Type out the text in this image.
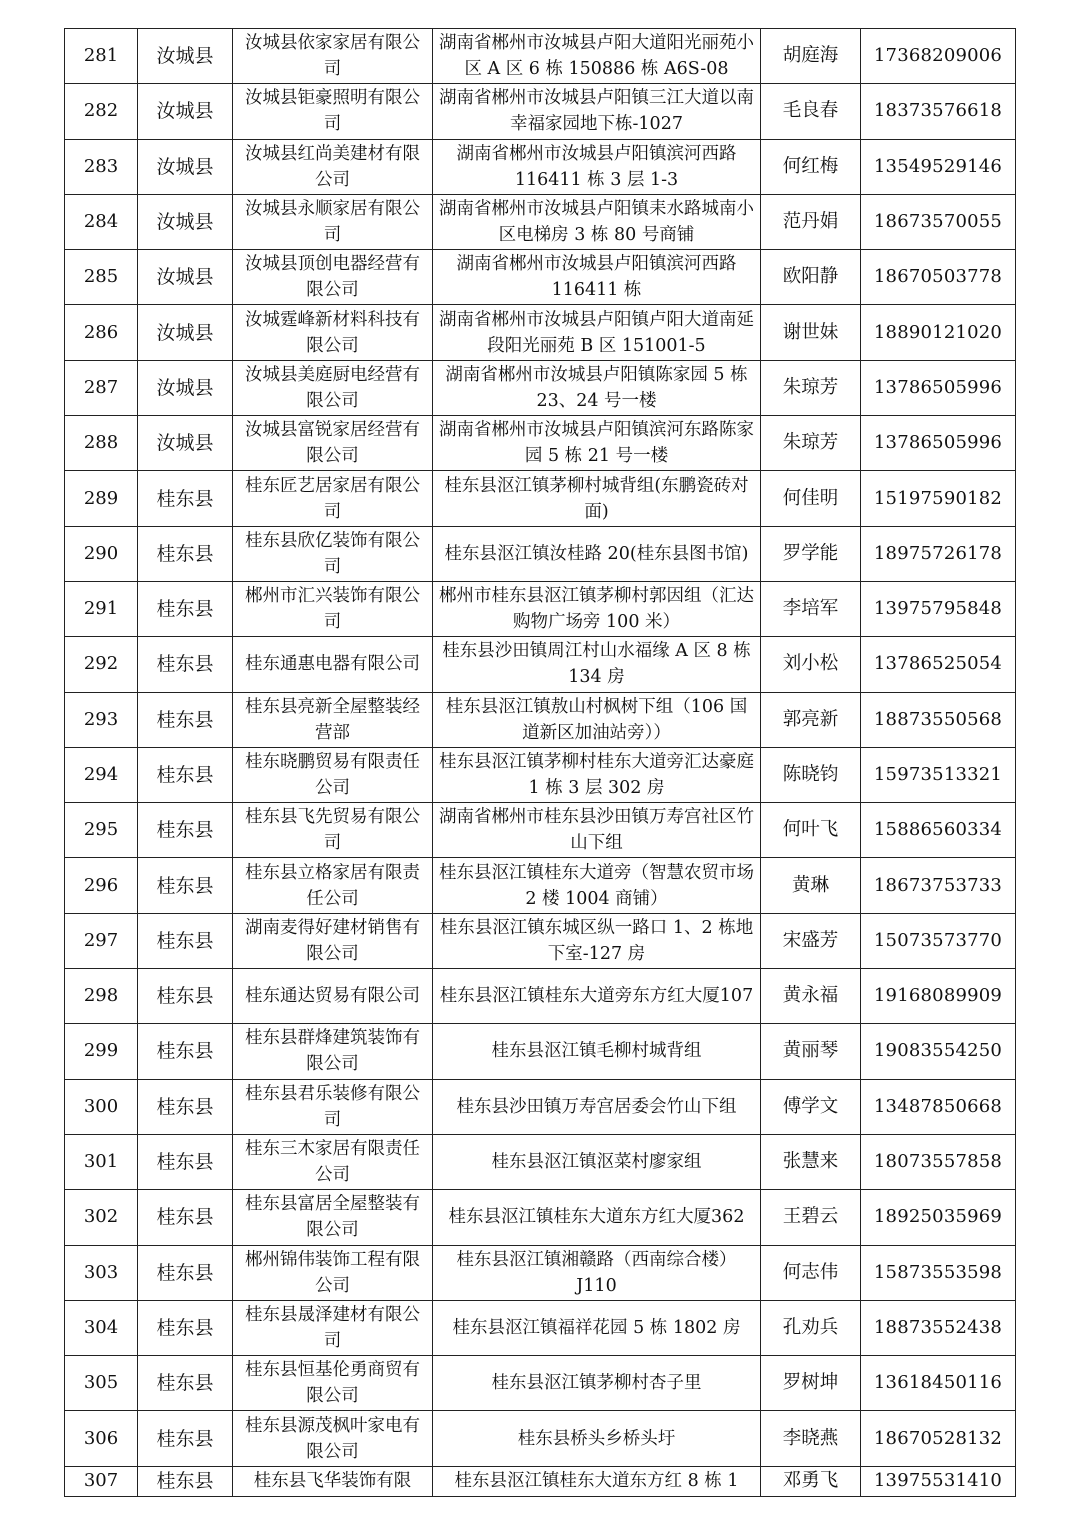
281	汝城县	汝城县依家家居有限公司	湖南省郴州市汝城县卢阳大道阳光丽苑小区 A 区 6 栋 150886 栋 A6S-08	胡庭海	17368209006
282	汝城县	汝城县钜豪照明有限公司	湖南省郴州市汝城县卢阳镇三江大道以南幸福家园地下栋-1027	毛良春	18373576618
283	汝城县	汝城县红尚美建材有限公司	湖南省郴州市汝城县卢阳镇滨河西路116411 栋 3 层 1-3	何红梅	13549529146
284	汝城县	汝城县永顺家居有限公司	湖南省郴州市汝城县卢阳镇耒水路城南小区电梯房 3 栋 80 号商铺	范丹娟	18673570055
285	汝城县	汝城县顶创电器经营有限公司	湖南省郴州市汝城县卢阳镇滨河西路116411 栋	欧阳静	18670503778
286	汝城县	汝城霆峰新材料科技有限公司	湖南省郴州市汝城县卢阳镇卢阳大道南延段阳光丽苑 B 区 151001-5	谢世妹	18890121020
287	汝城县	汝城县美庭厨电经营有限公司	湖南省郴州市汝城县卢阳镇陈家园 5 栋 23、24 号一楼	朱琼芳	13786505996
288	汝城县	汝城县富锐家居经营有限公司	湖南省郴州市汝城县卢阳镇滨河东路陈家园 5 栋 21 号一楼	朱琼芳	13786505996
289	桂东县	桂东匠艺居家居有限公司	桂东县沤江镇茅柳村城背组(东鹏瓷砖对面)	何佳明	15197590182
290	桂东县	桂东县欣亿装饰有限公司	桂东县沤江镇汝桂路 20(桂东县图书馆)	罗学能	18975726178
291	桂东县	郴州市汇兴装饰有限公司	郴州市桂东县沤江镇茅柳村郭因组（汇达购物广场旁 100 米）	李培军	13975795848
292	桂东县	桂东通惠电器有限公司	桂东县沙田镇周江村山水福缘 A 区 8 栋 134 房	刘小松	13786525054
293	桂东县	桂东县亮新全屋整装经营部	桂东县沤江镇敖山村枫树下组（106 国道新区加油站旁））	郭亮新	18873550568
294	桂东县	桂东晓鹏贸易有限责任公司	桂东县沤江镇茅柳村桂东大道旁汇达豪庭 1 栋 3 层 302 房	陈晓钧	15973513321
295	桂东县	桂东县飞先贸易有限公司	湖南省郴州市桂东县沙田镇万寿宫社区竹山下组	何叶飞	15886560334
296	桂东县	桂东县立格家居有限责任公司	桂东县沤江镇桂东大道旁（智慧农贸市场 2 楼 1004 商铺）	黄琳	18673753733
297	桂东县	湖南麦得好建材销售有限公司	桂东县沤江镇东城区纵一路口 1、2 栋地下室-127 房	宋盛芳	15073573770
298	桂东县	桂东通达贸易有限公司	桂东县沤江镇桂东大道旁东方红大厦107	黄永福	19168089909
299	桂东县	桂东县群烽建筑装饰有限公司	桂东县沤江镇毛柳村城背组	黄丽琴	19083554250
300	桂东县	桂东县君乐装修有限公司	桂东县沙田镇万寿宫居委会竹山下组	傅学文	13487850668
301	桂东县	桂东三木家居有限责任公司	桂东县沤江镇沤菜村廖家组	张慧来	18073557858
302	桂东县	桂东县富居全屋整装有限公司	桂东县沤江镇桂东大道东方红大厦362	王碧云	18925035969
303	桂东县	郴州锦伟装饰工程有限公司	桂东县沤江镇湘赣路（西南综合楼）J110	何志伟	15873553598
304	桂东县	桂东县晟泽建材有限公司	桂东县沤江镇福祥花园 5 栋 1802 房	孔劝兵	18873552438
305	桂东县	桂东县恒基伦勇商贸有限公司	桂东县沤江镇茅柳村杏子里	罗树坤	13618450116
306	桂东县	桂东县源茂枫叶家电有限公司	桂东县桥头乡桥头圩	李晓燕	18670528132
307	桂东县	桂东县飞华装饰有限	桂东县沤江镇桂东大道东方红 8 栋 1	邓勇飞	13975531410
